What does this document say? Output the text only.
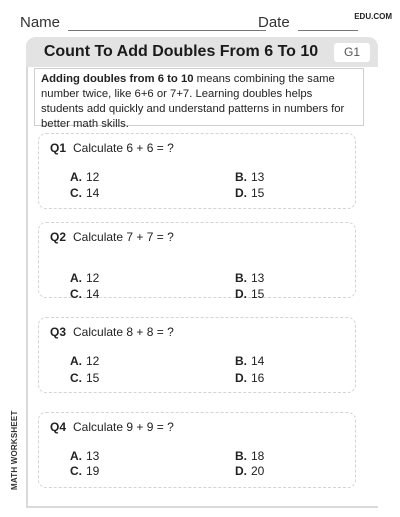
Name	Date	EDU.COM
Count To Add Doubles From 6 To 10	G1
Adding doubles from 6 to 10 means combining the same number twice, like 6+6 or 7+7. Learning doubles helps students add quickly and understand patterns in numbers for better math skills.
Q1 Calculate 6 + 6 = ?
A. 12	B. 13
C. 14	D. 15
Q2 Calculate 7 + 7 = ?
A. 12	B. 13
C. 14	D. 15
Q3 Calculate 8 + 8 = ?
A. 12	B. 14
C. 15	D. 16
Q4 Calculate 9 + 9 = ?
A. 13	B. 18
C. 19	D. 20
MATH WORKSHEET
